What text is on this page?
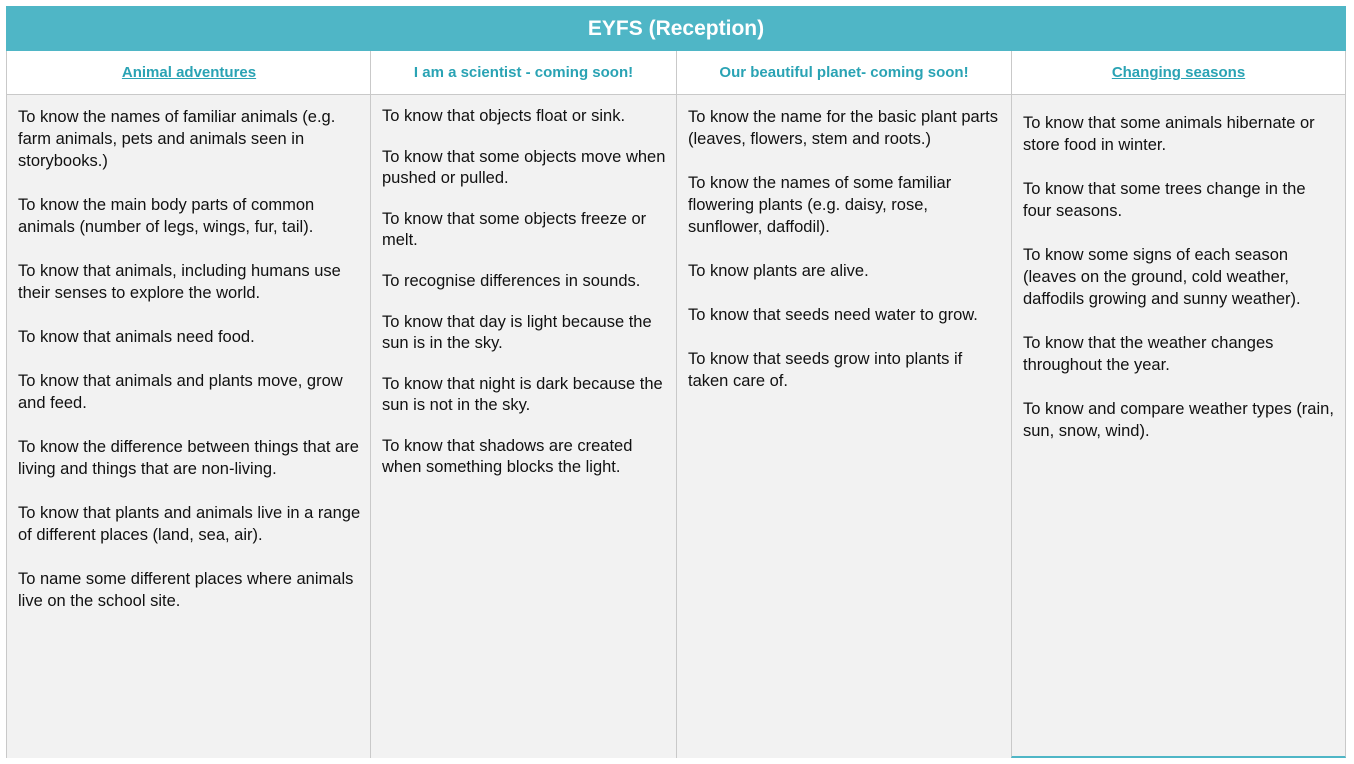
EYFS (Reception)
Animal adventures

To know the names of familiar animals (e.g. farm animals, pets and animals seen in storybooks.)

To know the main body parts of common animals (number of legs, wings, fur, tail).

To know that animals, including humans use their senses to explore the world.

To know that animals need food.

To know that animals and plants move, grow and feed.

To know the difference between things that are living and things that are non-living.

To know that plants and animals live in a range of different places (land, sea, air).

To name some different places where animals live on the school site.

I am a scientist - coming soon!

To know that objects float or sink.

To know that some objects move when pushed or pulled.

To know that some objects freeze or melt.

To recognise differences in sounds.

To know that day is light because the sun is in the sky.

To know that night is dark because the sun is not in the sky.

To know that shadows are created when something blocks the light.

Our beautiful planet- coming soon!

To know the name for the basic plant parts (leaves, flowers, stem and roots.)

To know the names of some familiar flowering plants (e.g. daisy, rose, sunflower, daffodil).

To know plants are alive.

To know that seeds need water to grow.

To know that seeds grow into plants if taken care of.

Changing seasons

To know that some animals hibernate or store food in winter.

To know that some trees change in the four seasons.

To know some signs of each season (leaves on the ground, cold weather, daffodils growing and sunny weather).

To know that the weather changes throughout the year.

To know and compare weather types (rain, sun, snow, wind).
